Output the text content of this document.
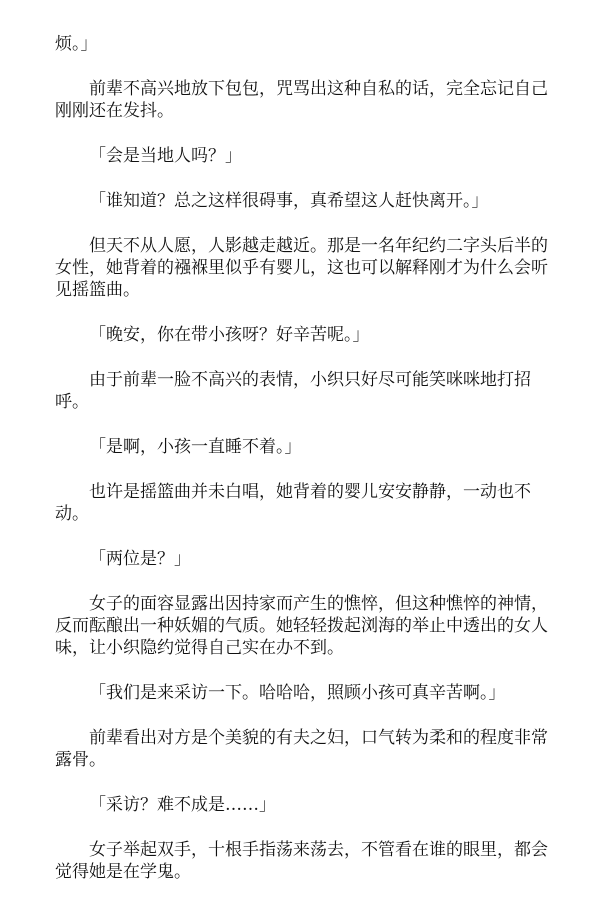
烦。」

前辈不高兴地放下包包，咒骂出这种自私的话，完全忘记自己刚刚还在发抖。

「会是当地人吗？」

「谁知道？总之这样很碍事，真希望这人赶快离开。」

但天不从人愿，人影越走越近。那是一名年纪约二字头后半的女性，她背着的襁褓里似乎有婴儿，这也可以解释刚才为什么会听见摇篮曲。

「晚安，你在带小孩呀？好辛苦呢。」

由于前辈一脸不高兴的表情，小织只好尽可能笑咪咪地打招呼。

「是啊，小孩一直睡不着。」

也许是摇篮曲并未白唱，她背着的婴儿安安静静，一动也不动。

「两位是？」

女子的面容显露出因持家而产生的憔悴，但这种憔悴的神情，反而酝酿出一种妖媚的气质。她轻轻拨起浏海的举止中透出的女人味，让小织隐约觉得自己实在办不到。

「我们是来采访一下。哈哈哈，照顾小孩可真辛苦啊。」

前辈看出对方是个美貌的有夫之妇，口气转为柔和的程度非常露骨。

「采访？难不成是……」

女子举起双手，十根手指荡来荡去，不管看在谁的眼里，都会觉得她是在学鬼。
